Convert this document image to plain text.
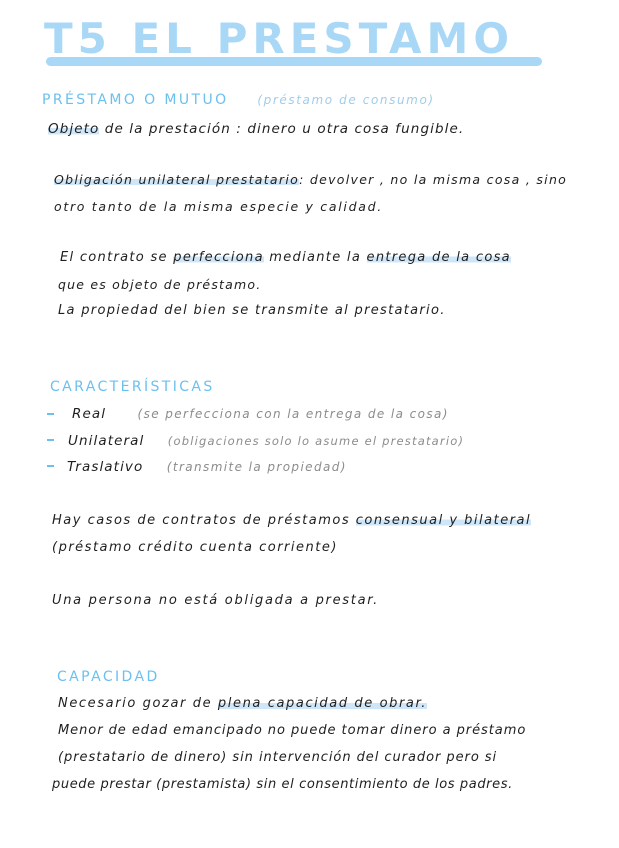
T5 EL PRESTAMO
PRÉSTAMO O MUTUO (préstamo de consumo)
Objeto de la prestación : dinero u otra cosa fungible.
Obligación unilateral prestatario: devolver , no la misma cosa , sino
otro tanto de la misma especie y calidad.
El contrato se perfecciona mediante la entrega de la cosa
que es objeto de préstamo.
La propiedad del bien se transmite al prestatario.
CARACTERÍSTICAS
Real	(se perfecciona con la entrega de la cosa)
Unilateral (obligaciones solo lo asume el prestatario)
Traslativo (transmite la propiedad)
Hay casos de contratos de préstamos consensual y bilateral
(préstamo crédito cuenta corriente)
Una persona no está obligada a prestar.
CAPACIDAD
Necesario gozar de plena capacidad de obrar.
Menor de edad emancipado no puede tomar dinero a préstamo
(prestatario de dinero) sin intervención del curador pero si
puede prestar (prestamista) sin el consentimiento de los padres.
